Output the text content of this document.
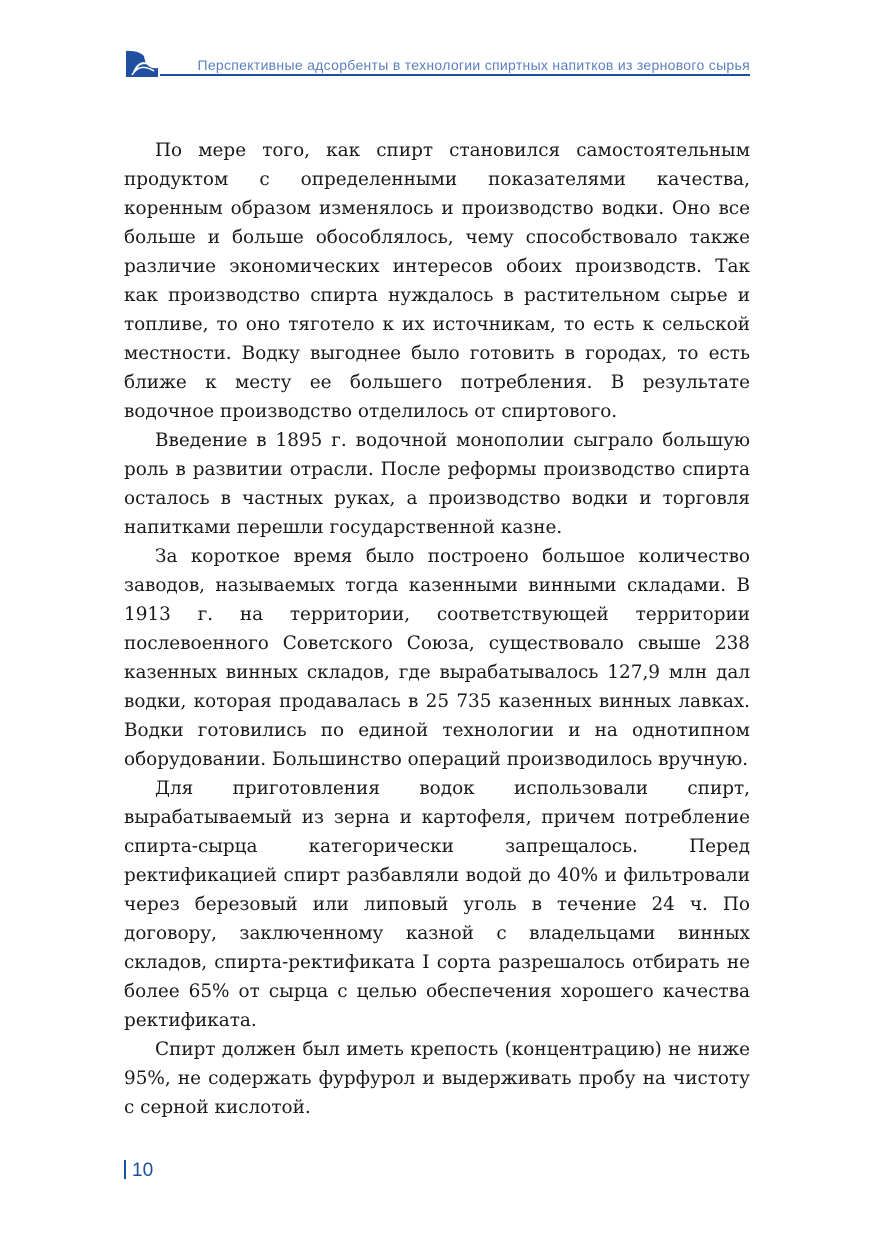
Перспективные адсорбенты в технологии спиртных напитков из зернового сырья

По мере того, как спирт становился самостоятельным продуктом с определенными показателями качества, коренным образом изменялось и производство водки. Оно все больше и больше обособлялось, чему способствовало также различие экономических интересов обоих производств. Так как производство спирта нуждалось в растительном сырье и топливе, то оно тяготело к их источникам, то есть к сельской местности. Водку выгоднее было готовить в городах, то есть ближе к месту ее большего потребления. В результате водочное производство отделилось от спиртового.

Введение в 1895 г. водочной монополии сыграло большую роль в развитии отрасли. После реформы производство спирта осталось в частных руках, а производство водки и торговля напитками перешли государственной казне.

За короткое время было построено большое количество заводов, называемых тогда казенными винными складами. В 1913 г. на территории, соответствующей территории послевоенного Советского Союза, существовало свыше 238 казенных винных складов, где вырабатывалось 127,9 млн дал водки, которая продавалась в 25 735 казенных винных лавках. Водки готовились по единой технологии и на однотипном оборудовании. Большинство операций производилось вручную.

Для приготовления водок использовали спирт, вырабатываемый из зерна и картофеля, причем потребление спирта-сырца категорически запрещалось. Перед ректификацией спирт разбавляли водой до 40% и фильтровали через березовый или липовый уголь в течение 24 ч. По договору, заключенному казной с владельцами винных складов, спирта-ректификата I сорта разрешалось отбирать не более 65% от сырца с целью обеспечения хорошего качества ректификата.

Спирт должен был иметь крепость (концентрацию) не ниже 95%, не содержать фурфурол и выдерживать пробу на чистоту с серной кислотой.

10
